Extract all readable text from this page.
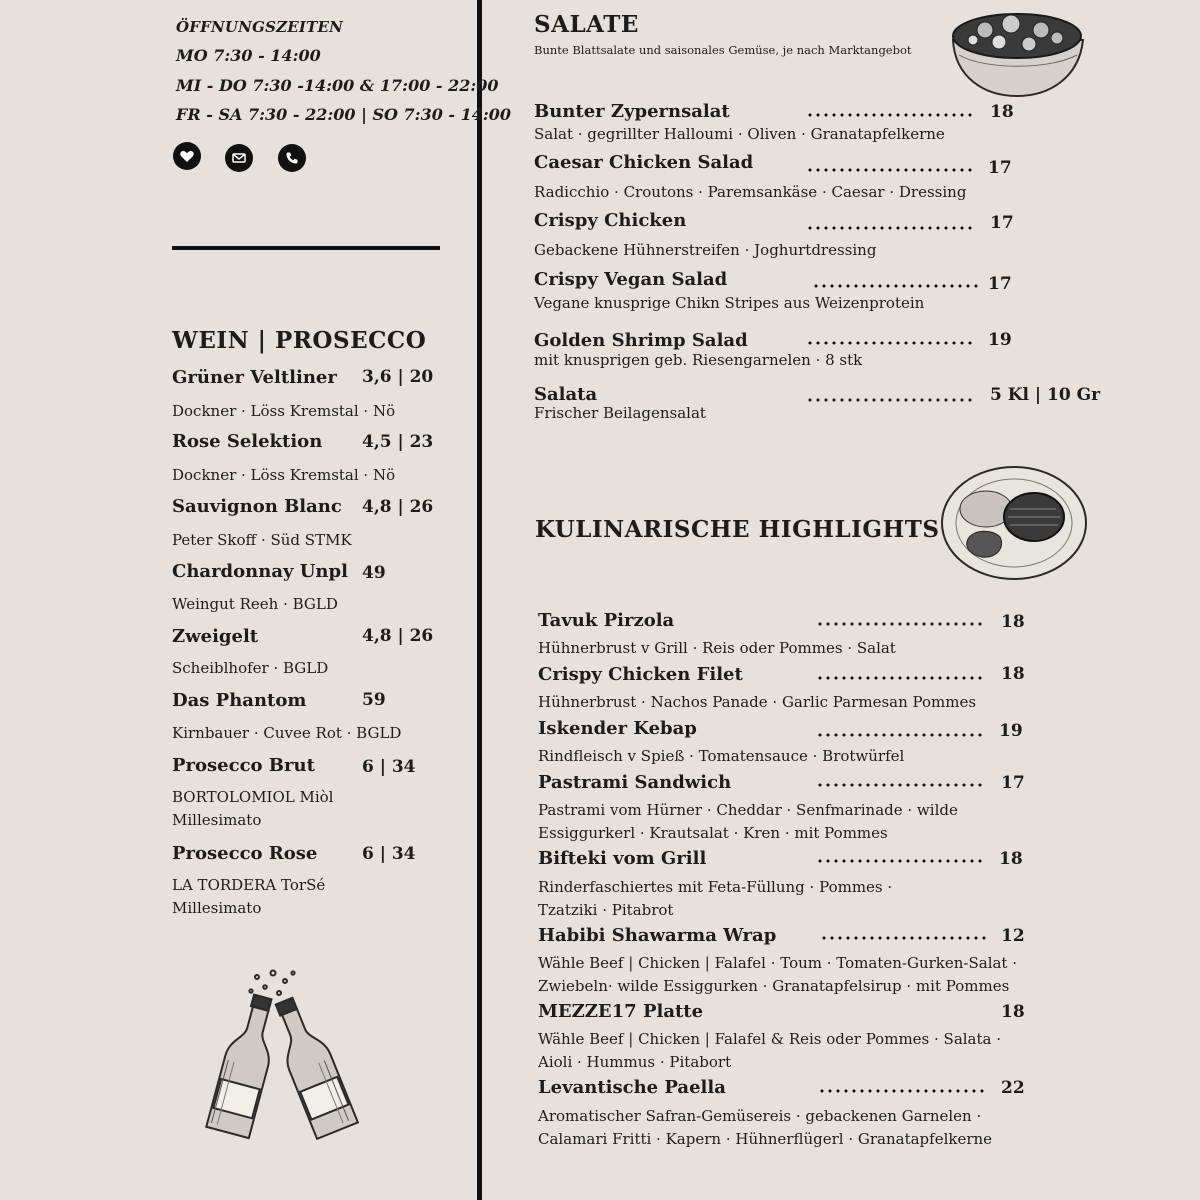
ÖFFNUNGSZEITEN
MO 7:30 - 14:00
MI - DO 7:30 -14:00 & 17:00 - 22:00
FR - SA 7:30 - 22:00 | SO 7:30 - 14:00
WEIN | PROSECCO
Grüner Veltliner 3,6 | 20
Dockner · Löss Kremstal · Nö
Rose Selektion 4,5 | 23
Dockner · Löss Kremstal · Nö
Sauvignon Blanc 4,8 | 26
Peter Skoff · Süd STMK
Chardonnay Unpl 49
Weingut Reeh · BGLD
Zweigelt	4,8 | 26
Scheiblhofer · BGLD
Das Phantom	59
Kirnbauer · Cuvee Rot · BGLD
Prosecco Brut	6 | 34
BORTOLOMIOL Miòl Millesimato
Prosecco Rose	6 | 34
LA TORDERA TorSé Millesimato
SALATE
Bunte Blattsalate und saisonales Gemüse, je nach Marktangebot
Bunter Zypernsalat	18
Salat · gegrillter Halloumi · Oliven · Granatapfelkerne
Caesar Chicken Salad	17
Radicchio · Croutons · Paremsankäse · Caesar · Dressing
Crispy Chicken	17
Gebackene Hühnerstreifen · Joghurtdressing
Crispy Vegan Salad	17
Vegane knusprige Chikn Stripes aus Weizenprotein
Golden Shrimp Salad	19
mit knusprigen geb. Riesengarnelen · 8 stk
Salata	5 Kl | 10 Gr
Frischer Beilagensalat
KULINARISCHE HIGHLIGHTS
Tavuk Pirzola	18
Hühnerbrust v Grill · Reis oder Pommes · Salat
Crispy Chicken Filet	18
Hühnerbrust · Nachos Panade · Garlic Parmesan Pommes
Iskender Kebap	19
Rindfleisch v Spieß · Tomatensauce · Brotwürfel
Pastrami Sandwich	17
Pastrami vom Hürner · Cheddar · Senfmarinade · wilde Essiggurkerl · Krautsalat · Kren · mit Pommes
Bifteki vom Grill	18
Rinderfaschiertes mit Feta-Füllung · Pommes · Tzatziki · Pitabrot
Habibi Shawarma Wrap	12
Wähle Beef | Chicken | Falafel · Toum · Tomaten-Gurken-Salat · Zwiebeln· wilde Essiggurken · Granatapfelsirup · mit Pommes
MEZZE17 Platte	18
Wähle Beef | Chicken | Falafel & Reis oder Pommes · Salata · Aioli · Hummus · Pitabort
Levantische Paella	22
Aromatischer Safran-Gemüsereis · gebackenen Garnelen · Calamari Fritti · Kapern · Hühnerflügerl · Granatapfelkerne
